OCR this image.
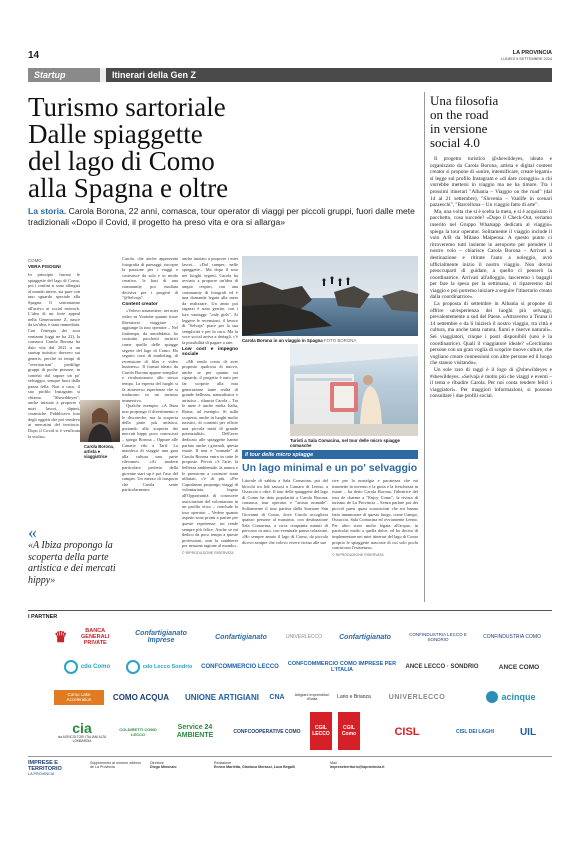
14	LA PROVINCIA
LUNEDÌ 9 SETTEMBRE 2024
Startup	Itinerari della Gen Z
Turismo sartoriale
Dalle spiaggette
del lago di Como
alla Spagna e oltre
La storia. Carola Borona, 22 anni, comasca, tour operator di viaggi per piccoli gruppi, fuori dalle mete tradizionali «Dopo il Covid, il progetto ha preso vita e ora si allarga»
COMO
VERA FISOGNI

In principio furono le spiaggette del lago di Como, poi i confini si sono allargati al mondo intero, sia pure con uno sguardo speciale alla Spagna. Il sottomarino all'arrivo ai social network. L'idea di un forte appeal nella Generazione Z, nasce da un'idea, è stata immediata. Con l'energia dei suoi ventanni (oggi ne ha 22), la comasca Carola Borona ha dato vita dal 2021 a un startup turistico davvero sui generis, perché in tempi di "overtourism" predilige gruppi di poche persone, in contesti dal sapore un po' selvaggio, sempre fuori dalla pazza folla. Non a caso, il suo profilo Instagram si chiama "Shewildeyes",

anche iniziato a proporre i miei lavori, dipinti, ceramiche. Pubblicavo foto degli oggetti che poi vendevo ai mercatini del territorio. Dopo il Covid si è verificata la svolta».

Carola Borona, artista e viaggiatrice
«
«A Ibiza propongo la scoperta della parte artistica e dei mercati hippy»

Carola, che anche apprezzata fotografia di paesaggi, riscopre la passione per i viaggi e costruisce da sola e in modo creativo, le basi di una community poi risultata decisiva per i progetti di "@Selvaja".

Content creator

«Volevo trasmettere, nei miei video su Youtube quanto fosse liberatorio viaggiare – aggiunge la tour operator – Nel frattempo, da autodidatta, ho costruito pacchetti turistici come quello delle spiagge segrete del lago di Como. Ho seguito corsi di marketing, di recensione di film e video business». Il format ideato da Carola Borona appare semplice e rivoluzionario allo stesso tempo. La esperta del luoghi si fa attraverso esperienze che si traducono in un turismo immersivo.

Qualche esempio. «A Ibiza non propongo il divertimento e le discoteche, ma la scoperta della parte più artistica, portando alla scoperta dei mercati hippy poco conosciuti – spiega Borona – Oppure alle Canarie vilo a Tarif. La maioleca di viaggio una gara alla cultura una parte rilevante». «Ai modern particolare perfetta della giovane start up è poi l'uso del camper. Un mezzo di trasporto che Carola sente particolarmente

anche iniziato a proporre i miei lavori... «Dal camper, nelle spiaggette... Ma dopo il tour nei luoghi segreti, Carola ha avviato a proporre un'idea di ampio respiro, con una community di fotografi ed è una domanda legata alla meta da realizzare. Un anno poi ragazzi è stato gestito, con i loro vantaggi: "only girls". Ai leggere le recensioni, il lavoro di "Selvaja" piace per la sua semplicità e per la cura. Ma la voce social arriva a dettagli, c'è la possibilità di pagare a rate.

Low cost e impegno sociale

«Mi rendo conto di aver proposto qualcosa di nuovo, anche se per quanto mi riguarda, il progetto è nato per far scoprire alla mia generazione tante realtà di grande bellezza, naturalistica e artistica – rilancia Carola – Tra le mete è anche molta Italia, Roma, ad esempio. Si sulla scoperta, anche in luoghi molto turistici, di contenti per offrire una piccola metà di grande potenzialità». Dell'aver dedicato alle spiaggette hanno parlato anche i giornali, questa estate. Il tour e "nomade" di Carola Borona entra in tutte le proposte. Perciò c'è l'arte, la bellezza ambientale, la natura e le prensione a costruire team affiatati, c'è di più. «Per Capodanno propongo viaggi di volontariato, legato all'Opportunità di conoscere associazioni del volontariato in un profilo etico – conclude la tour operator – Vedere quanto aspetto sono pronti a partire per queste esperienze, mi rende sempre più felice. Anche se mi dedico da poco tempo a queste professioni, non la cambierei per nessuna ragione al mondo».

© RIPRODUZIONE RISERVATA
Carola Borona in un viaggio in Spagna FOTO BORONA
Turisti a Sala Comacina, nel tour delle micro spiagge comasche
Il tour delle micro spiagge
Un lago minimal e un po' selvaggio

Litorale di sabbia a Sala Comacina, poi del blocchi tra lidi sassosi a Camaro di Lenno, a Ossuccio e oltre. Il tour delle spiaggette del lago di Como ha dato popolarità a Carola Borona, comasca, tour operator e "artista nomade". Solitamente il tour partiva dalla Stazione San Giovanni di Como, dove Carola accogliera quattro persone al massimo, con destinazione Sala Comacina, a circa cinquanta minuti di percorso in auto, con eventuale pausa colazione. «Ho sempre amato il lago di Como, da piccola dicevo sempre che volevo vivere vicino alle sue

rive per la nostalgia e pacatezza che mi trasmette in inverno e la gioia e la freschezza in estate – ha detto Carola Borona, l'ideatrice del tour de charme a "Enjoy Como", la rivista di turismo de La Provincia – Senza parlare poi dei piccoli paesi quasi sconosciuti che mi hanno fatto innamorare di questo luogo, come Campo, Ossuccio, Sala Comacina ed ovviamente Lenno. Per altro sono molto legata all'acqua, in particolar modo a quella dolce, ed ho deciso di implementare nei miei itinerari del lago di Como proprio le spiaggette nascoste di cui solo pochi conoscono l'esistenza».

© RIPRODUZIONE RISERVATA
Una filosofia
on the road
in versione
social 4.0

Il progetto turistico @shewildeyes, ideato e organizzato da Carola Borona, artista e digital content creator si propone di «unire, intensificare, creare legami» si legge sul profilo Instagram e «di dare coraggio» a chi vorrebbe mettersi in viaggio ma ne ha timore. Tra i prossimi itinerari "Albania – Viaggio on the road" (dal 14 al 21 settembre), "Slovenia – Vanlife in scenari pazzeschi", "Barcellona – Un viaggio fatto di arte".

Ma, una volta che si è scelta la meta, e si è acquistato il pacchetto, cosa succede? «Dopo il Check-Out, veriamo inserito nel Gruppo Whatsapp dedicato al viaggio» spiega la tour operator. Solitamente il viaggio include il volo A/R da Milano Malpensa. A questo punto ci ritroveremo tutti insieme in aeroporto per prendere il nostro volo – chiarisce Carola Borona – Arrivati a destinazione e ritirate l'auto a noleggio, avrò ufficialmente inizio il nostro viaggio. Non dovrai preoccuparti di guidare, a quello ci penserò la coordinatrice. Arrivati all'alloggio, lasceremo i bagagli per fare la spesa per la settimana, ci ripareremo dal viaggio e poi potremo iniziare a seguire l'itinerario creato dalla coordinatrice».

La proposta di settembre in Albania si propone di offrire un'esperienza dei luoghi più selvaggi, prevalentemente a sud del Paese. «Attraverso a Tirana il 14 settembre e da lì inizierà il nostro viaggio, tra città e cultura, ma anche tanta natura, fiumi e riserve naturali». Sei viaggiatori, cinque i posti disponibili (uno è la coordinatrice). Quali il viaggiatore ideale? «Cerchiamo persone con un gran voglia di scoprire nuove culture, che vogliano creare connessioni con altre persone ed il luogo che stanno visitando».

Un sole raro di raggi è il logo di @shewildeyes e #shewildeyes. «Selvaja è molto più che viaggi e eventi – il tema e ribadire Carola. Per noi conta rendere felici i viaggiatori». Per maggiori informazioni, si possono consultare i due profili social.

I PARTNER
♛	BANCA GENERALI PRIVATE
Confartigianato Imprese	Confartigianato	UNIVERLECCO Confartigianato	CONFINDUSTRIA LECCO E SONDRIO	CONFINDUSTRIA COMO
cdo Como	cdo Lecco Sondrio CONFCOMMERCIO LECCO	CONFCOMMERCIO COMO IMPRESE PER L'ITALIA	ANCE LECCO · SONDRIO	ANCE COMO
Como Lake Acceleration	COMO ACQUA UNIONE ARTIGIANI CNA	Artigiani Imprenditori d'Italia	Lario e Brianza	UNIVERLECCO	acinque
cia
cia AGRICOLTORI ITALIANI ALTA LOMBARDIA
COLDIRETTI COMO LECCO
Service 24 AMBIENTE	CONFCOOPERATIVE COMO
CGIL LECCO
CGIL Como	CISL	CISL DEI LAGHI	UIL
IMPRESE E TERRITORIO
LA PROVINCIA
Supplemento al numero odierno de La Provincia
Direttore
Diego Minonzio
Redazione
Enrico Marletta, Gianluca Morassi, Luca Begalli
Mail
impreseterritorio@laprovincia.it
